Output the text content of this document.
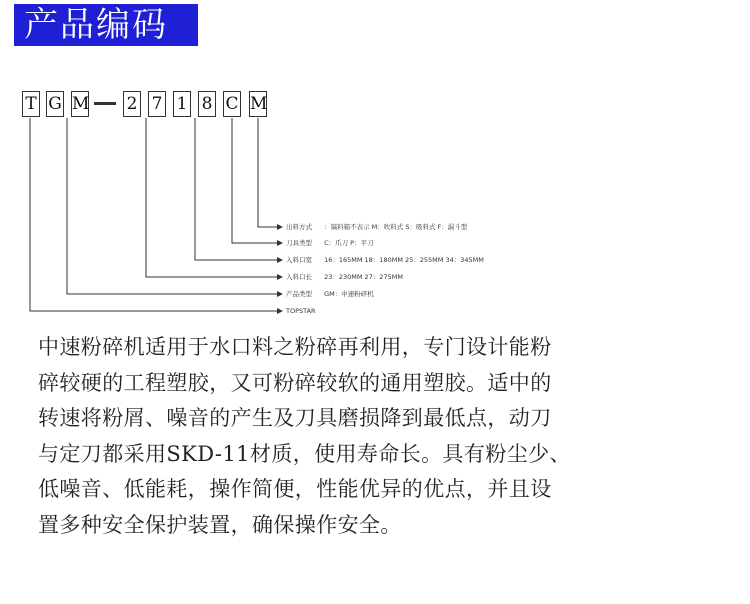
产品编码
T G M 2 7 1 8 C M
出料方式 ：镐料箱不表示 M：吹料式 S：吸料式 F：漏斗型
刀具类型 C：爪刀 P：平刀
入料口宽 16：165MM 18：180MM 25：255MM 34：345MM
入料口长 23：230MM 27：275MM
产品类型 GM：中速粉碎机
TOPSTAR
中速粉碎机适用于水口料之粉碎再利用，专门设计能粉
碎较硬的工程塑胶，又可粉碎较软的通用塑胶。适中的
转速将粉屑、噪音的产生及刀具磨损降到最低点，动刀
与定刀都采用SKD-11材质，使用寿命长。具有粉尘少、
低噪音、低能耗，操作简便，性能优异的优点，并且设
置多种安全保护装置，确保操作安全。
